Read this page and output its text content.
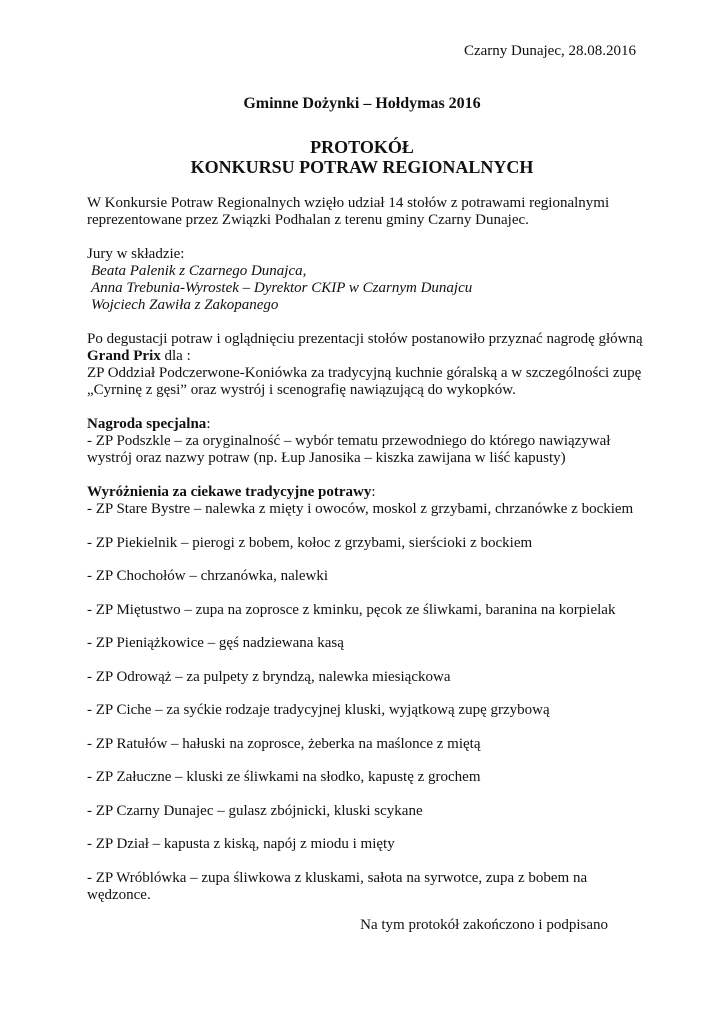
Czarny Dunajec, 28.08.2016
Gminne Dożynki – Hołdymas 2016
PROTOKÓŁ
KONKURSU POTRAW REGIONALNYCH

W Konkursie Potraw Regionalnych wzięło udział 14 stołów z potrawami regionalnymi

reprezentowane przez Związki Podhalan z terenu gminy Czarny Dunajec.

Jury w składzie:

Beata Palenik z Czarnego Dunajca,

Anna Trebunia-Wyrostek – Dyrektor CKIP w Czarnym Dunajcu

Wojciech Zawiła z Zakopanego

Po degustacji potraw i oglądnięciu prezentacji stołów postanowiło przyznać nagrodę główną

Grand Prix dla :

ZP Oddział Podczerwone-Koniówka za tradycyjną kuchnie góralską a w szczególności zupę

„Cyrninę z gęsi” oraz wystrój i scenografię nawiązującą do wykopków.

Nagroda specjalna:

- ZP Podszkle – za oryginalność – wybór tematu przewodniego do którego nawiązywał

wystrój oraz nazwy potraw (np. Łup Janosika – kiszka zawijana w liść kapusty)

Wyróżnienia za ciekawe tradycyjne potrawy:

- ZP Stare Bystre – nalewka z mięty i owoców, moskol z grzybami, chrzanówke z bockiem

- ZP Piekielnik – pierogi z bobem, kołoc z grzybami, sierścioki z bockiem

- ZP Chochołów – chrzanówka, nalewki

- ZP Miętustwo – zupa na zoprosce z kminku, pęcok ze śliwkami, baranina na korpielak

- ZP Pieniążkowice – gęś nadziewana kasą

- ZP Odrowąż – za pulpety z bryndzą, nalewka miesiąckowa

- ZP Ciche – za syćkie rodzaje tradycyjnej kluski, wyjątkową zupę grzybową

- ZP Ratułów – hałuski na zoprosce, żeberka na maślonce z miętą

- ZP Załuczne – kluski ze śliwkami na słodko, kapustę z grochem

- ZP Czarny Dunajec – gulasz zbójnicki, kluski scykane

- ZP Dział – kapusta z kiską, napój z miodu i mięty

- ZP Wróblówka – zupa śliwkowa z kluskami, sałota na syrwotce, zupa z bobem na

wędzonce.

Na tym protokół zakończono i podpisano
